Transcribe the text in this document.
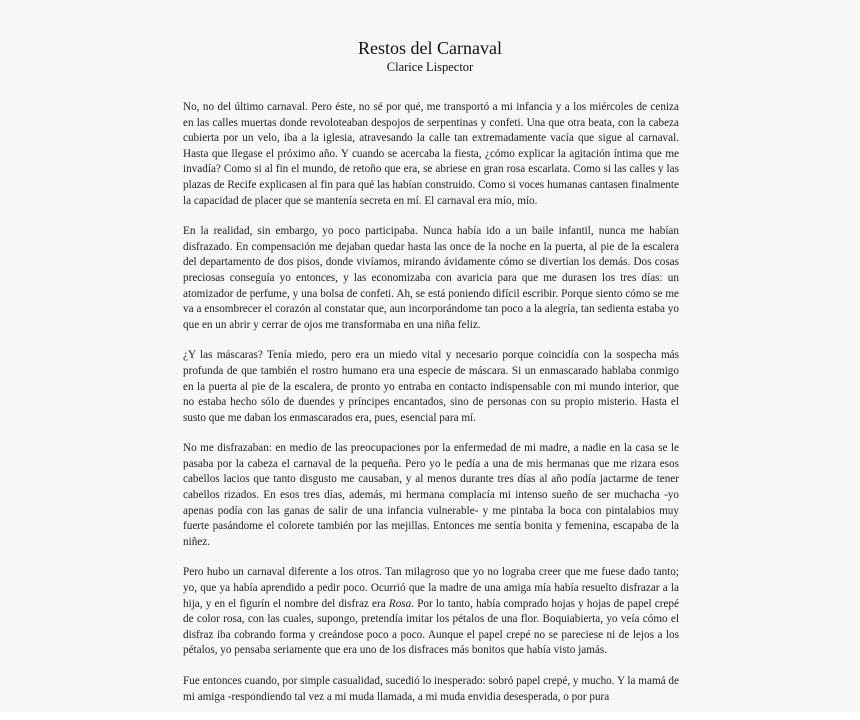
Restos del Carnaval
Clarice Lispector

No, no del último carnaval. Pero éste, no sé por qué, me transportó a mi infancia y a los miércoles de ceniza en las calles muertas donde revoloteaban despojos de serpentinas y confeti. Una que otra beata, con la cabeza cubierta por un velo, iba a la iglesia, atravesando la calle tan extremadamente vacía que sigue al carnaval. Hasta que llegase el próximo año. Y cuando se acercaba la fiesta, ¿cómo explicar la agitación íntima que me invadía? Como si al fin el mundo, de retoño que era, se abriese en gran rosa escarlata. Como si las calles y las plazas de Recife explicasen al fin para qué las habían construido. Como si voces humanas cantasen finalmente la capacidad de placer que se mantenía secreta en mí. El carnaval era mío, mío.

En la realidad, sin embargo, yo poco participaba. Nunca había ido a un baile infantil, nunca me habían disfrazado. En compensación me dejaban quedar hasta las once de la noche en la puerta, al pie de la escalera del departamento de dos pisos, donde vivíamos, mirando ávidamente cómo se divertían los demás. Dos cosas preciosas conseguía yo entonces, y las economizaba con avaricia para que me durasen los tres días: un atomizador de perfume, y una bolsa de confeti. Ah, se está poniendo difícil escribir. Porque siento cómo se me va a ensombrecer el corazón al constatar que, aun incorporándome tan poco a la alegría, tan sedienta estaba yo que en un abrir y cerrar de ojos me transformaba en una niña feliz.

¿Y las máscaras? Tenía miedo, pero era un miedo vital y necesario porque coincidía con la sospecha más profunda de que también el rostro humano era una especie de máscara. Si un enmascarado hablaba conmigo en la puerta al pie de la escalera, de pronto yo entraba en contacto indispensable con mi mundo interior, que no estaba hecho sólo de duendes y príncipes encantados, sino de personas con su propio misterio. Hasta el susto que me daban los enmascarados era, pues, esencial para mí.

No me disfrazaban: en medio de las preocupaciones por la enfermedad de mi madre, a nadie en la casa se le pasaba por la cabeza el carnaval de la pequeña. Pero yo le pedía a una de mis hermanas que me rizara esos cabellos lacios que tanto disgusto me causaban, y al menos durante tres días al año podía jactarme de tener cabellos rizados. En esos tres días, además, mi hermana complacía mi intenso sueño de ser muchacha -yo apenas podía con las ganas de salir de una infancia vulnerable- y me pintaba la boca con pintalabios muy fuerte pasándome el colorete también por las mejillas. Entonces me sentía bonita y femenina, escapaba de la niñez.

Pero hubo un carnaval diferente a los otros. Tan milagroso que yo no lograba creer que me fuese dado tanto; yo, que ya había aprendido a pedir poco. Ocurrió que la madre de una amiga mía había resuelto disfrazar a la hija, y en el figurín el nombre del disfraz era Rosa. Por lo tanto, había comprado hojas y hojas de papel crepé de color rosa, con las cuales, supongo, pretendía imitar los pétalos de una flor. Boquiabierta, yo veía cómo el disfraz iba cobrando forma y creándose poco a poco. Aunque el papel crepé no se pareciese ni de lejos a los pétalos, yo pensaba seriamente que era uno de los disfraces más bonitos que había visto jamás.

Fue entonces cuando, por simple casualidad, sucedió lo inesperado: sobró papel crepé, y mucho. Y la mamá de mi amiga -respondiendo tal vez a mi muda llamada, a mi muda envidia desesperada, o por pura
